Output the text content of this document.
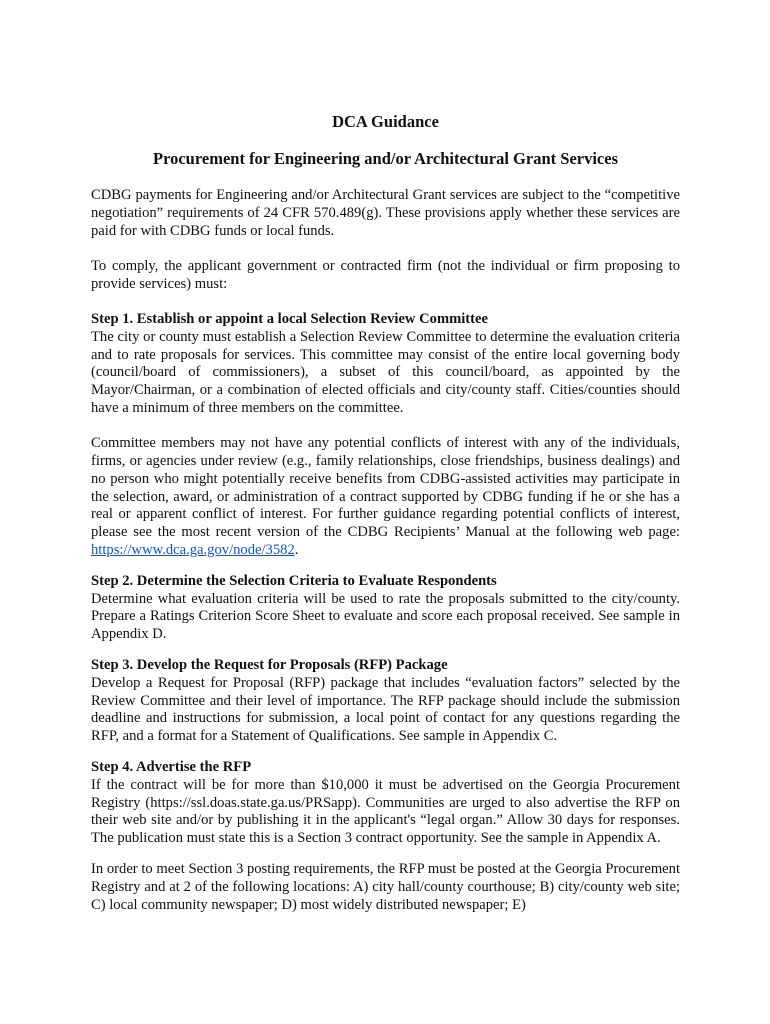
DCA Guidance
Procurement for Engineering and/or Architectural Grant Services

CDBG payments for Engineering and/or Architectural Grant services are subject to the “competitive negotiation” requirements of 24 CFR 570.489(g). These provisions apply whether these services are paid for with CDBG funds or local funds.

To comply, the applicant government or contracted firm (not the individual or firm proposing to provide services) must:

Step 1. Establish or appoint a local Selection Review Committee

The city or county must establish a Selection Review Committee to determine the evaluation criteria and to rate proposals for services. This committee may consist of the entire local governing body (council/board of commissioners), a subset of this council/board, as appointed by the Mayor/Chairman, or a combination of elected officials and city/county staff. Cities/counties should have a minimum of three members on the committee.

Committee members may not have any potential conflicts of interest with any of the individuals, firms, or agencies under review (e.g., family relationships, close friendships, business dealings) and no person who might potentially receive benefits from CDBG-assisted activities may participate in the selection, award, or administration of a contract supported by CDBG funding if he or she has a real or apparent conflict of interest. For further guidance regarding potential conflicts of interest, please see the most recent version of the CDBG Recipients’ Manual at the following web page: https://www.dca.ga.gov/node/3582.

Step 2. Determine the Selection Criteria to Evaluate Respondents

Determine what evaluation criteria will be used to rate the proposals submitted to the city/county. Prepare a Ratings Criterion Score Sheet to evaluate and score each proposal received. See sample in Appendix D.

Step 3. Develop the Request for Proposals (RFP) Package

Develop a Request for Proposal (RFP) package that includes “evaluation factors” selected by the Review Committee and their level of importance. The RFP package should include the submission deadline and instructions for submission, a local point of contact for any questions regarding the RFP, and a format for a Statement of Qualifications. See sample in Appendix C.

Step 4. Advertise the RFP

If the contract will be for more than $10,000 it must be advertised on the Georgia Procurement Registry (https://ssl.doas.state.ga.us/PRSapp). Communities are urged to also advertise the RFP on their web site and/or by publishing it in the applicant's “legal organ.” Allow 30 days for responses. The publication must state this is a Section 3 contract opportunity. See the sample in Appendix A.

In order to meet Section 3 posting requirements, the RFP must be posted at the Georgia Procurement Registry and at 2 of the following locations: A) city hall/county courthouse; B) city/county web site; C) local community newspaper; D) most widely distributed newspaper; E)
